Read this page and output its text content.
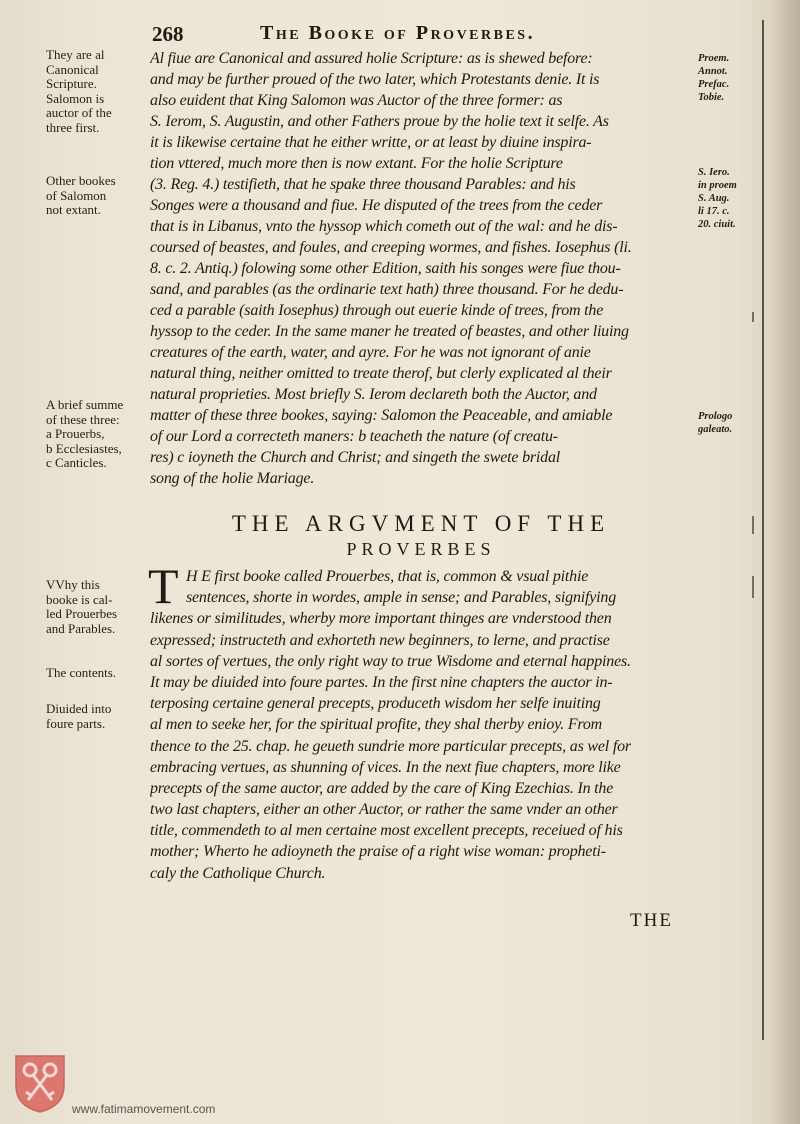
268	The Booke of Proverbes.
Al fiue are Canonical and assured holie Scripture: as is shewed before:
and may be further proued of the two later, which Protestants denie. It is
also euident that King Salomon was Auctor of the three former: as
S. Ierom, S. Augustin, and other Fathers proue by the holie text it selfe. As
it is likewise certaine that he either writte, or at least by diuine inspira-
tion vttered, much more then is now extant. For the holie Scripture
(3. Reg. 4.) testifieth, that he spake three thousand Parables: and his
Songes were a thousand and fiue. He disputed of the trees from the ceder
that is in Libanus, vnto the hyssop which cometh out of the wal: and he dis-
coursed of beastes, and foules, and creeping wormes, and fishes. Iosephus (li.
8. c. 2. Antiq.) folowing some other Edition, saith his songes were fiue thou-
sand, and parables (as the ordinarie text hath) three thousand. For he dedu-
ced a parable (saith Iosephus) through out euerie kinde of trees, from the
hyssop to the ceder. In the same maner he treated of beastes, and other liuing
creatures of the earth, water, and ayre. For he was not ignorant of anie
natural thing, neither omitted to treate therof, but clerly explicated al their
natural proprieties. Most briefly S. Ierom declareth both the Auctor, and
matter of these three bookes, saying: Salomon the Peaceable, and amiable
of our Lord a correcteth maners: b teacheth the nature (of creatu-
res) c ioyneth the Church and Christ; and singeth the swete bridal
song of the holie Mariage.
THE ARGVMENT OF THE
PROVERBES
T H E first booke called Prouerbes, that is, common & vsual pithie
sentences, shorte in wordes, ample in sense; and Parables, signifying
likenes or similitudes, wherby more important thinges are vnderstood then
expressed; instructeth and exhorteth new beginners, to lerne, and practise
al sortes of vertues, the only right way to true Wisdome and eternal happines.
It may be diuided into foure partes. In the first nine chapters the auctor in-
terposing certaine general precepts, produceth wisdom her selfe inuiting
al men to seeke her, for the spiritual profite, they shal therby enioy. From
thence to the 25. chap. he geueth sundrie more particular precepts, as wel for
embracing vertues, as shunning of vices. In the next fiue chapters, more like
precepts of the same auctor, are added by the care of King Ezechias. In the
two last chapters, either an other Auctor, or rather the same vnder an other
title, commendeth to al men certaine most excellent precepts, receiued of his
mother; Wherto he adioyneth the praise of a right wise woman: propheti-
caly the Catholique Church.
THE
They are al
Canonical
Scripture.
Salomon is
auctor of the
three first.
Other bookes
of Salomon
not extant.
A brief summe
of these three:
a Prouerbs,
b Ecclesiastes,
c Canticles.
VVhy this
booke is cal-
led Prouerbes
and Parables.
The contents.
Diuided into
foure parts.
Proem.
Annot.
Prefac.
Tobie.
S. Iero.
in proem
S. Aug.
li 17. c.
20. ciuit.
Prologo
galeato.
www.fatimamovement.com
